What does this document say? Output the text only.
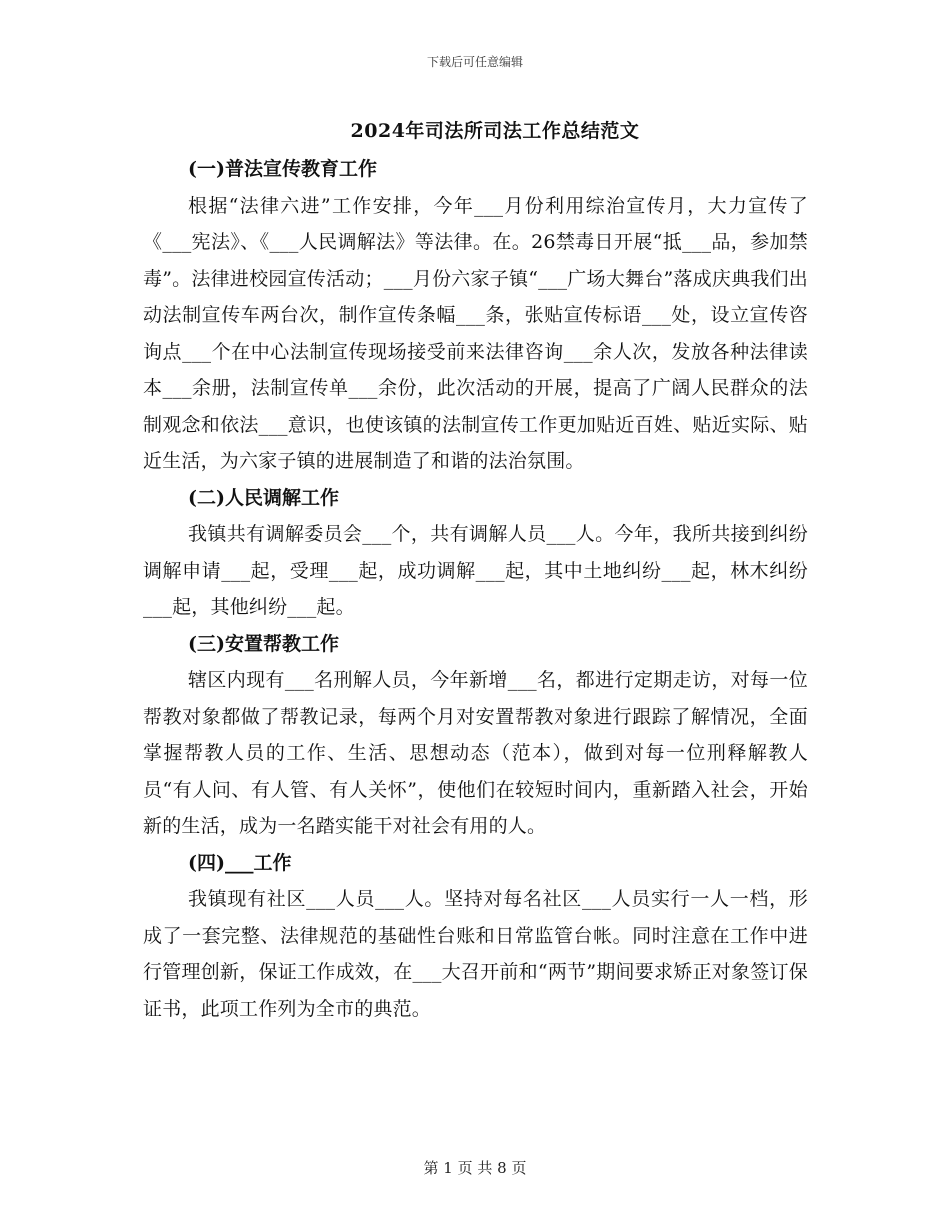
下载后可任意编辑
2024年司法所司法工作总结范文

(一)普法宣传教育工作

根据“法律六进”工作安排，今年___月份利用综治宣传月，大力宣传了《___宪法》、《___人民调解法》等法律。在。26禁毒日开展“抵___品，参加禁毒”。法律进校园宣传活动；___月份六家子镇“___广场大舞台”落成庆典我们出动法制宣传车两台次，制作宣传条幅___条，张贴宣传标语___处，设立宣传咨询点___个在中心法制宣传现场接受前来法律咨询___余人次，发放各种法律读本___余册，法制宣传单___余份，此次活动的开展，提高了广阔人民群众的法制观念和依法___意识，也使该镇的法制宣传工作更加贴近百姓、贴近实际、贴近生活，为六家子镇的进展制造了和谐的法治氛围。

(二)人民调解工作

我镇共有调解委员会___个，共有调解人员___人。今年，我所共接到纠纷调解申请___起，受理___起，成功调解___起，其中土地纠纷___起，林木纠纷___起，其他纠纷___起。

(三)安置帮教工作

辖区内现有___名刑解人员，今年新增___名，都进行定期走访，对每一位帮教对象都做了帮教记录，每两个月对安置帮教对象进行跟踪了解情况，全面掌握帮教人员的工作、生活、思想动态（范本），做到对每一位刑释解教人员“有人问、有人管、有人关怀”，使他们在较短时间内，重新踏入社会，开始新的生活，成为一名踏实能干对社会有用的人。

(四)___工作

我镇现有社区___人员___人。坚持对每名社区___人员实行一人一档，形成了一套完整、法律规范的基础性台账和日常监管台帐。同时注意在工作中进行管理创新，保证工作成效，在___大召开前和“两节”期间要求矫正对象签订保证书，此项工作列为全市的典范。

第 1 页 共 8 页
